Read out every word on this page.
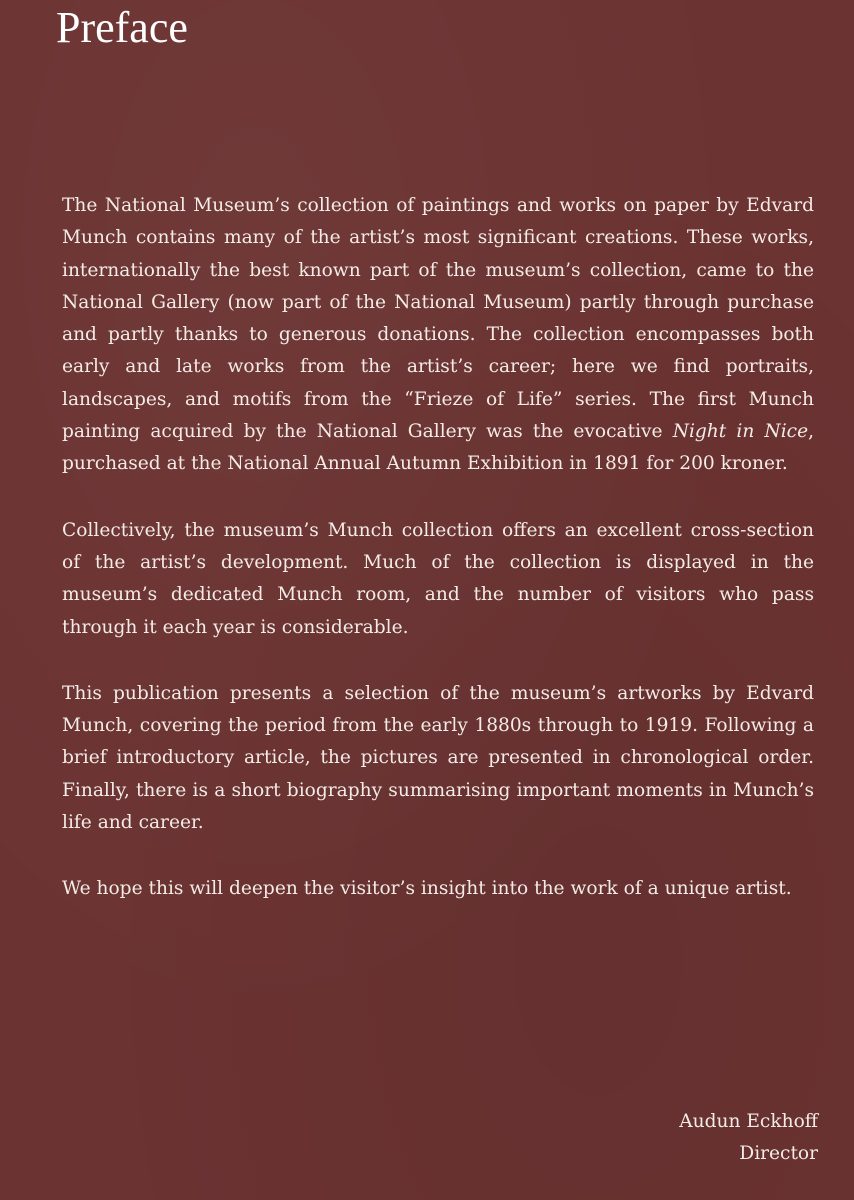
Preface

The National Museum’s collection of paintings and works on paper by Edvard Munch contains many of the artist’s most significant creations. These works, internationally the best known part of the museum’s collection, came to the National Gallery (now part of the National Museum) partly through purchase and partly thanks to generous donations. The collection encompasses both early and late works from the artist’s career; here we find portraits, landscapes, and motifs from the “Frieze of Life” series. The first Munch painting acquired by the National Gallery was the evocative Night in Nice, purchased at the National Annual Autumn Exhibition in 1891 for 200 kroner.

Collectively, the museum’s Munch collection offers an excellent cross-section of the artist’s development. Much of the collection is displayed in the museum’s dedicated Munch room, and the number of visitors who pass through it each year is considerable.

This publication presents a selection of the museum’s artworks by Edvard Munch, covering the period from the early 1880s through to 1919. Following a brief introductory article, the pictures are presented in chronological order. Finally, there is a short biography summarising important moments in Munch’s life and career.

We hope this will deepen the visitor’s insight into the work of a unique artist.

Audun Eckhoff
Director
